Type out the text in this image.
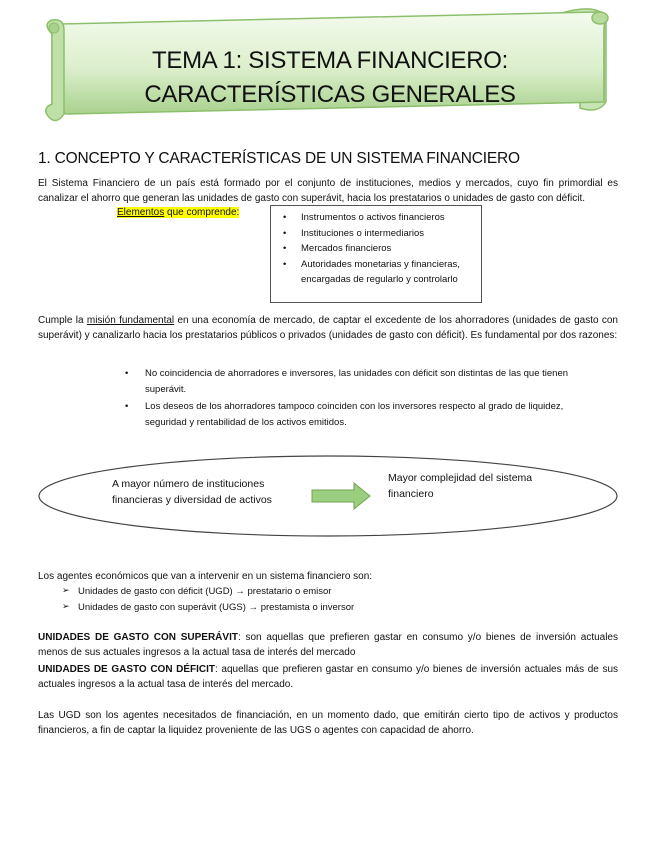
TEMA 1: SISTEMA FINANCIERO:
CARACTERÍSTICAS GENERALES
1. CONCEPTO Y CARACTERÍSTICAS DE UN SISTEMA FINANCIERO
El Sistema Financiero de un país está formado por el conjunto de instituciones, medios y mercados, cuyo fin primordial es canalizar el ahorro que generan las unidades de gasto con superávit, hacia los prestatarios o unidades de gasto con déficit.
Elementos que comprende:
•	Instrumentos o activos financieros
• Instituciones o intermediarios
• Mercados financieros
• Autoridades monetarias y financieras, encargadas de regularlo y controlarlo
Cumple la misión fundamental en una economía de mercado, de captar el excedente de los ahorradores (unidades de gasto con superávit) y canalizarlo hacia los prestatarios públicos o privados (unidades de gasto con déficit). Es fundamental por dos razones:
• No coincidencia de ahorradores e inversores, las unidades con déficit son distintas de las que tienen superávit.
• Los deseos de los ahorradores tampoco coinciden con los inversores respecto al grado de liquidez, seguridad y rentabilidad de los activos emitidos.
A mayor número de instituciones financieras y diversidad de activos
Mayor complejidad del sistema financiero
Los agentes económicos que van a intervenir en un sistema financiero son:
➢ Unidades de gasto con déficit (UGD) → prestatario o emisor
➢ Unidades de gasto con superávit (UGS) → prestamista o inversor
UNIDADES DE GASTO CON SUPERÁVIT: son aquellas que prefieren gastar en consumo y/o bienes de inversión actuales menos de sus actuales ingresos a la actual tasa de interés del mercado
UNIDADES DE GASTO CON DÉFICIT: aquellas que prefieren gastar en consumo y/o bienes de inversión actuales más de sus actuales ingresos a la actual tasa de interés del mercado.
Las UGD son los agentes necesitados de financiación, en un momento dado, que emitirán cierto tipo de activos y productos financieros, a fin de captar la liquidez proveniente de las UGS o agentes con capacidad de ahorro.
